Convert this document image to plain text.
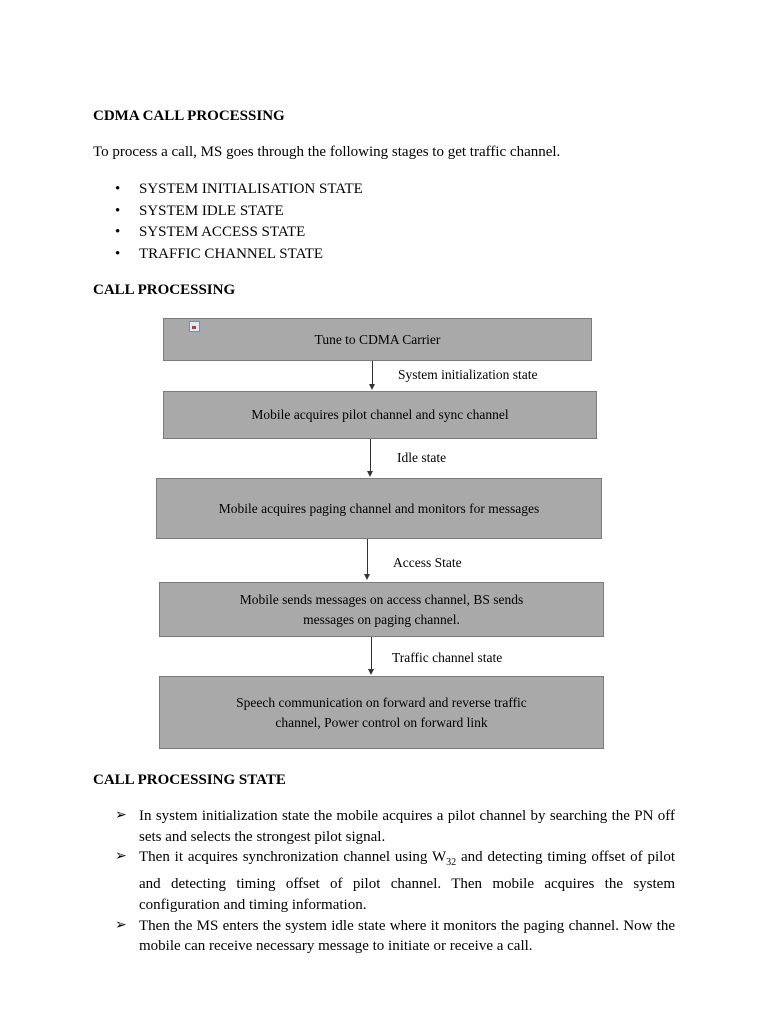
CDMA CALL PROCESSING

To process a call, MS goes through the following stages to get traffic channel.

• SYSTEM INITIALISATION STATE
• SYSTEM IDLE STATE
• SYSTEM ACCESS STATE
• TRAFFIC CHANNEL STATE
CALL PROCESSING
Tune to CDMA Carrier
System initialization state
Mobile acquires pilot channel and sync channel
Idle state
Mobile acquires paging channel and monitors for messages
Access State
Mobile sends messages on access channel, BS sends
messages on paging channel.
Traffic channel state
Speech communication on forward and reverse traffic
channel, Power control on forward link
CALL PROCESSING STATE
➢ In system initialization state the mobile acquires a pilot channel by searching the PN off sets and selects the strongest pilot signal.
➢ Then it acquires synchronization channel using $W_{32}$ and detecting timing offset of pilot and detecting timing offset of pilot channel. Then mobile acquires the system configuration and timing information.
➢ Then the MS enters the system idle state where it monitors the paging channel. Now the mobile can receive necessary message to initiate or receive a call.
